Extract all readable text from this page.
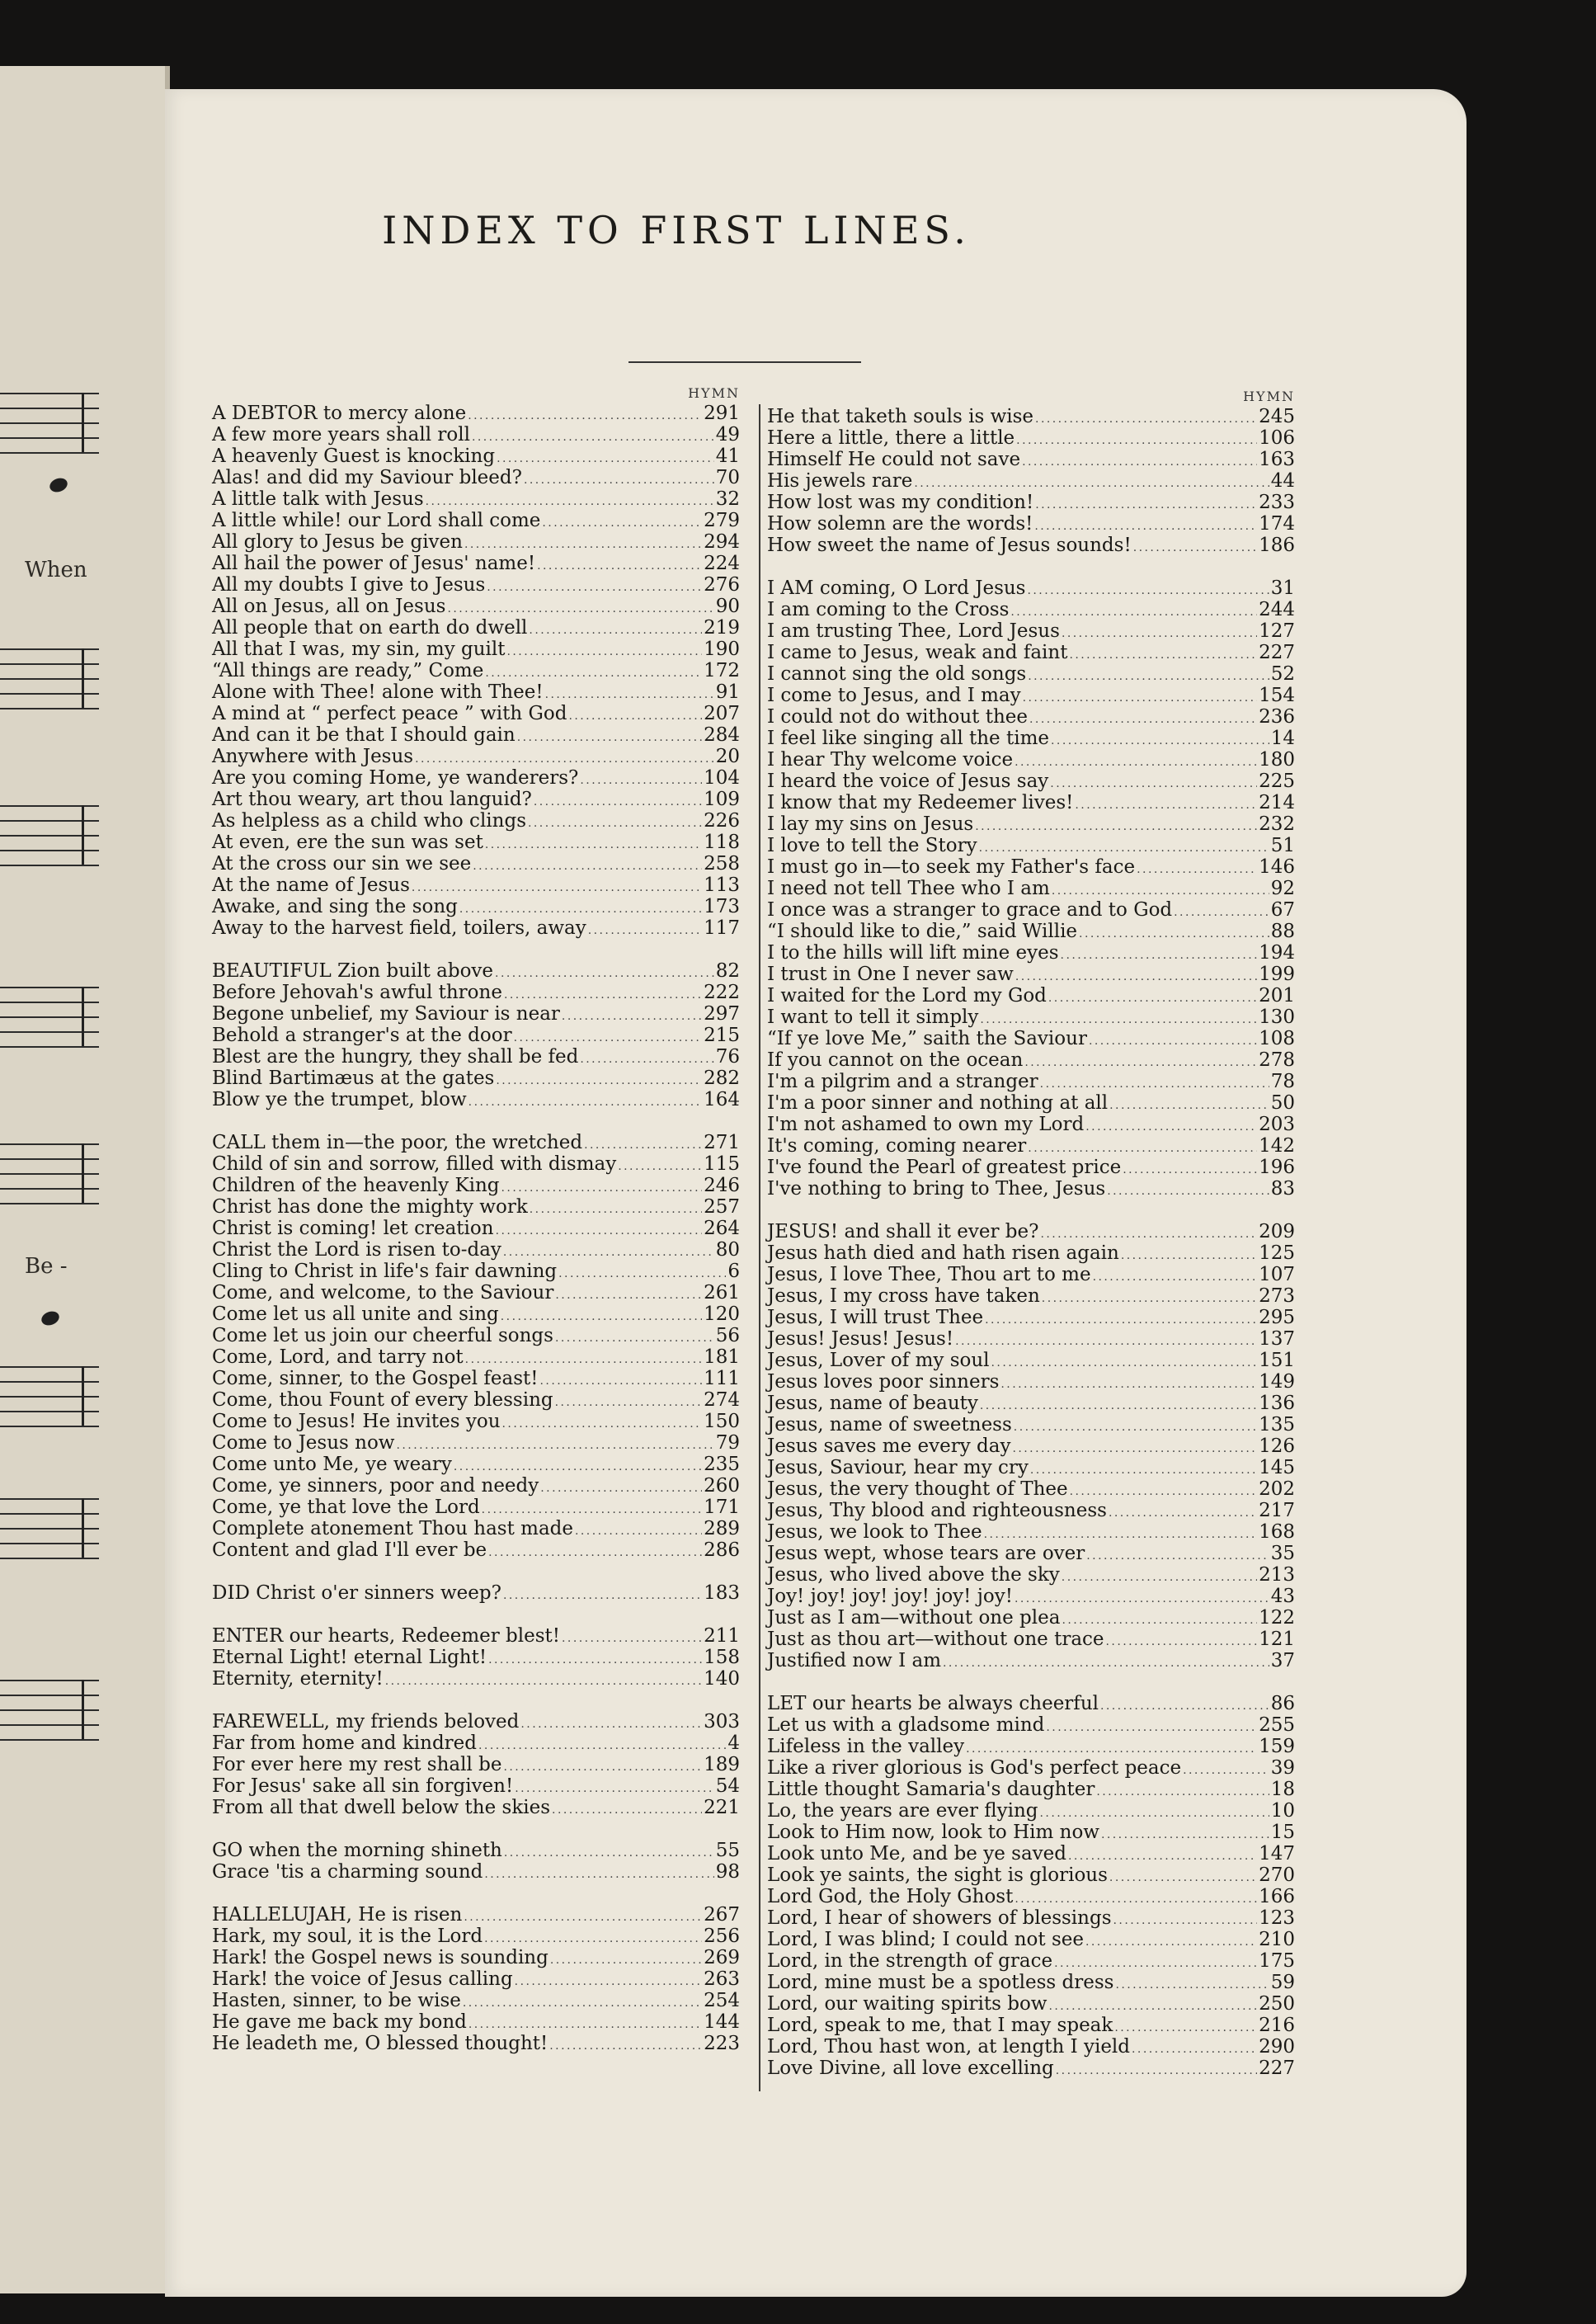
When
Be -
INDEX TO FIRST LINES.
HYMN
A DEBTOR to mercy alone . . .	291
A few more years shall roll . . .	49
A heavenly Guest is knocking . . .	41
Alas! and did my Saviour bleed? . . .	70
A little talk with Jesus . . .	32
A little while! our Lord shall come . . .	279
All glory to Jesus be given . . .	294
All hail the power of Jesus' name! . . .	224
All my doubts I give to Jesus . . .	276
All on Jesus, all on Jesus . . .	90
All people that on earth do dwell . . .	219
All that I was, my sin, my guilt . . .	190
“All things are ready,” Come . . .	172
Alone with Thee! alone with Thee! . . .	91
A mind at “ perfect peace ” with God . . .	207
And can it be that I should gain . . .	284
Anywhere with Jesus . . .	20
Are you coming Home, ye wanderers? . . .	104
Art thou weary, art thou languid? . . .	109
As helpless as a child who clings . . .	226
At even, ere the sun was set . . .	118
At the cross our sin we see . . .	258
At the name of Jesus . . .	113
Awake, and sing the song . . .	173
Away to the harvest field, toilers, away . . .	117
BEAUTIFUL Zion built above . . .	82
Before Jehovah's awful throne . . .	222
Begone unbelief, my Saviour is near . . .	297
Behold a stranger's at the door . . .	215
Blest are the hungry, they shall be fed . . .	76
Blind Bartimæus at the gates . . .	282
Blow ye the trumpet, blow . . .	164
CALL them in—the poor, the wretched . . .	271
Child of sin and sorrow, filled with dismay . . .	115
Children of the heavenly King . . .	246
Christ has done the mighty work . . .	257
Christ is coming! let creation . . .	264
Christ the Lord is risen to-day . . .	80
Cling to Christ in life's fair dawning . . .	6
Come, and welcome, to the Saviour . . .	261
Come let us all unite and sing . . .	120
Come let us join our cheerful songs . . .	56
Come, Lord, and tarry not . . .	181
Come, sinner, to the Gospel feast! . . .	111
Come, thou Fount of every blessing . . .	274
Come to Jesus! He invites you . . .	150
Come to Jesus now . . .	79
Come unto Me, ye weary . . .	235
Come, ye sinners, poor and needy . . .	260
Come, ye that love the Lord . . .	171
Complete atonement Thou hast made . . .	289
Content and glad I'll ever be . . .	286
DID Christ o'er sinners weep? . . .	183
ENTER our hearts, Redeemer blest! . . .	211
Eternal Light! eternal Light! . . .	158
Eternity, eternity! . . .	140
FAREWELL, my friends beloved . . .	303
Far from home and kindred . . .	4
For ever here my rest shall be . . .	189
For Jesus' sake all sin forgiven! . . .	54
From all that dwell below the skies . . .	221
GO when the morning shineth . . .	55
Grace 'tis a charming sound . . .	98
HALLELUJAH, He is risen . . .	267
Hark, my soul, it is the Lord . . .	256
Hark! the Gospel news is sounding . . .	269
Hark! the voice of Jesus calling . . .	263
Hasten, sinner, to be wise . . .	254
He gave me back my bond . . .	144
He leadeth me, O blessed thought! . . .	223
HYMN
He that taketh souls is wise . . .	245
Here a little, there a little . . .	106
Himself He could not save . . .	163
His jewels rare . . .	44
How lost was my condition! . . .	233
How solemn are the words! . . .	174
How sweet the name of Jesus sounds! . . .	186
I AM coming, O Lord Jesus . . .	31
I am coming to the Cross . . .	244
I am trusting Thee, Lord Jesus . . .	127
I came to Jesus, weak and faint . . .	227
I cannot sing the old songs . . .	52
I come to Jesus, and I may . . .	154
I could not do without thee . . .	236
I feel like singing all the time . . .	14
I hear Thy welcome voice . . .	180
I heard the voice of Jesus say . . .	225
I know that my Redeemer lives! . . .	214
I lay my sins on Jesus . . .	232
I love to tell the Story . . .	51
I must go in—to seek my Father's face . . .	146
I need not tell Thee who I am . . .	92
I once was a stranger to grace and to God . . .	67
“I should like to die,” said Willie . . .	88
I to the hills will lift mine eyes . . .	194
I trust in One I never saw . . .	199
I waited for the Lord my God . . .	201
I want to tell it simply . . .	130
“If ye love Me,” saith the Saviour . . .	108
If you cannot on the ocean . . .	278
I'm a pilgrim and a stranger . . .	78
I'm a poor sinner and nothing at all . . .	50
I'm not ashamed to own my Lord . . .	203
It's coming, coming nearer . . .	142
I've found the Pearl of greatest price . . .	196
I've nothing to bring to Thee, Jesus . . .	83
JESUS! and shall it ever be? . . .	209
Jesus hath died and hath risen again . . .	125
Jesus, I love Thee, Thou art to me . . .	107
Jesus, I my cross have taken . . .	273
Jesus, I will trust Thee . . .	295
Jesus! Jesus! Jesus! . . .	137
Jesus, Lover of my soul . . .	151
Jesus loves poor sinners . . .	149
Jesus, name of beauty . . .	136
Jesus, name of sweetness . . .	135
Jesus saves me every day . . .	126
Jesus, Saviour, hear my cry . . .	145
Jesus, the very thought of Thee . . .	202
Jesus, Thy blood and righteousness . . .	217
Jesus, we look to Thee . . .	168
Jesus wept, whose tears are over . . .	35
Jesus, who lived above the sky . . .	213
Joy! joy! joy! joy! joy! joy! . . .	43
Just as I am—without one plea . . .	122
Just as thou art—without one trace . . .	121
Justified now I am . . .	37
LET our hearts be always cheerful . . .	86
Let us with a gladsome mind . . .	255
Lifeless in the valley . . .	159
Like a river glorious is God's perfect peace . . .	39
Little thought Samaria's daughter . . .	18
Lo, the years are ever flying . . .	10
Look to Him now, look to Him now . . .	15
Look unto Me, and be ye saved . . .	147
Look ye saints, the sight is glorious . . .	270
Lord God, the Holy Ghost . . .	166
Lord, I hear of showers of blessings . . .	123
Lord, I was blind; I could not see . . .	210
Lord, in the strength of grace . . .	175
Lord, mine must be a spotless dress . . .	59
Lord, our waiting spirits bow . . .	250
Lord, speak to me, that I may speak . . .	216
Lord, Thou hast won, at length I yield . . .	290
Love Divine, all love excelling . . .	227
